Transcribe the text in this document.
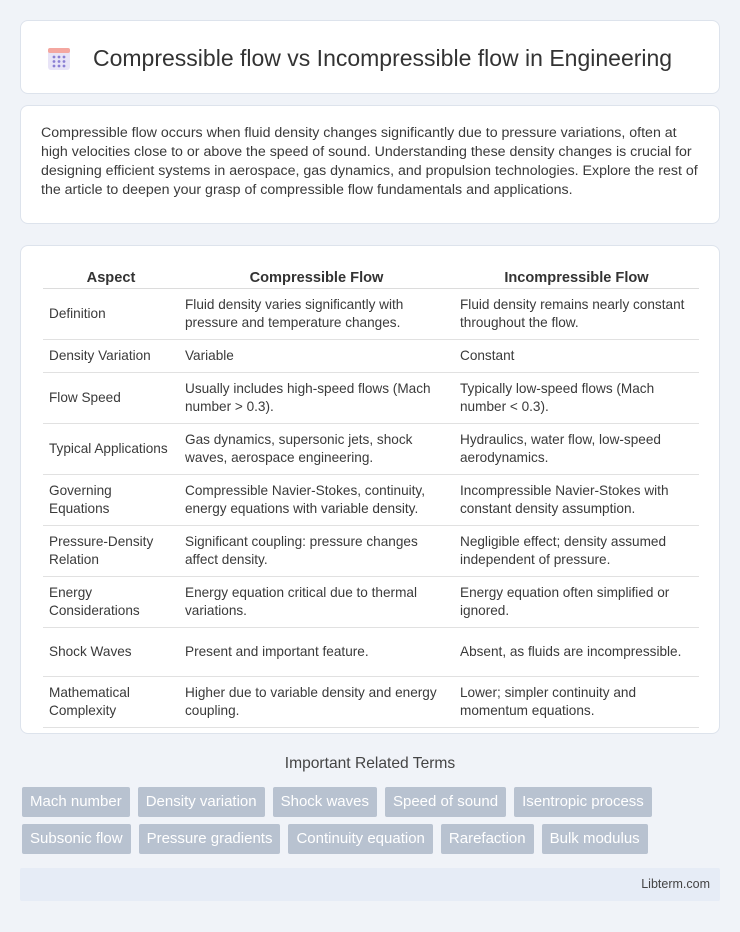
Compressible flow vs Incompressible flow in Engineering

Compressible flow occurs when fluid density changes significantly due to pressure variations, often at high velocities close to or above the speed of sound. Understanding these density changes is crucial for designing efficient systems in aerospace, gas dynamics, and propulsion technologies. Explore the rest of the article to deepen your grasp of compressible flow fundamentals and applications.

Aspect	Compressible Flow	Incompressible Flow
Definition	Fluid density varies significantly with pressure and temperature changes.	Fluid density remains nearly constant throughout the flow.
Density Variation	Variable	Constant
Flow Speed	Usually includes high-speed flows (Mach number > 0.3).	Typically low-speed flows (Mach number < 0.3).
Typical Applications	Gas dynamics, supersonic jets, shock waves, aerospace engineering.	Hydraulics, water flow, low-speed aerodynamics.
Governing Equations	Compressible Navier-Stokes, continuity, energy equations with variable density.	Incompressible Navier-Stokes with constant density assumption.
Pressure-Density Relation	Significant coupling: pressure changes affect density.	Negligible effect; density assumed independent of pressure.
Energy Considerations	Energy equation critical due to thermal variations.	Energy equation often simplified or ignored.
Shock Waves	Present and important feature.	Absent, as fluids are incompressible.
Mathematical Complexity	Higher due to variable density and energy coupling.	Lower; simpler continuity and momentum equations.
Important Related Terms
Mach number	Density variation	Shock waves	Speed of sound	Isentropic process
Subsonic flow	Pressure gradients	Continuity equation	Rarefaction	Bulk modulus
Libterm.com
